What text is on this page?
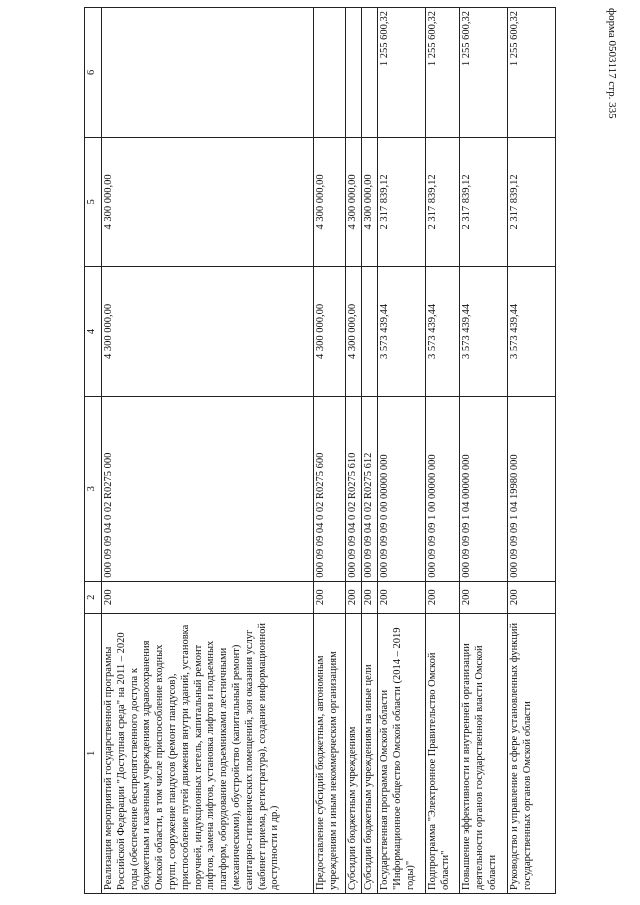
форма 0503117 стр. 335
1	2	3	4	5	6
Реализация мероприятий государственной программы Российской Федерации "Доступная среда" на 2011 – 2020 годы (обеспечение беспрепятственного доступа к бюджетным и казенным учреждениям здравоохранения Омской области, в том числе приспособление входных групп, сооружение пандусов (ремонт пандусов), приспособление путей движения внутри зданий, установка поручней, индукционных петель, капитальный ремонт лифтов, замена лифтов, установка лифтов и подъемных платформ, оборудование подъемниками лестничными (механическими), обустройство (капитальный ремонт) санитарно-гигиенических помещений, зон оказания услуг (кабинет приема, регистратура), создание информационной доступности и др.)	200	000 09 09 04 0 02 R0275 000	4 300 000,00	4 300 000,00	
Предоставление субсидий бюджетным, автономным учреждениям и иным некоммерческим организациям	200	000 09 09 04 0 02 R0275 600	4 300 000,00	4 300 000,00	
Субсидии бюджетным учреждениям	200	000 09 09 04 0 02 R0275 610	4 300 000,00	4 300 000,00	
Субсидии бюджетным учреждениям на иные цели	200	000 09 09 04 0 02 R0275 612		4 300 000,00	
Государственная программа Омской области "Информационное общество Омской области (2014 – 2019 годы)"	200	000 09 09 09 0 00 00000 000	3 573 439,44	2 317 839,12	1 255 600,32
Подпрограмма "Электронное Правительство Омской области"	200	000 09 09 09 1 00 00000 000	3 573 439,44	2 317 839,12	1 255 600,32
Повышение эффективности и внутренней организации деятельности органов государственной власти Омской области	200	000 09 09 09 1 04 00000 000	3 573 439,44	2 317 839,12	1 255 600,32
Руководство и управление в сфере установленных функций государственных органов Омской области	200	000 09 09 09 1 04 19980 000	3 573 439,44	2 317 839,12	1 255 600,32
